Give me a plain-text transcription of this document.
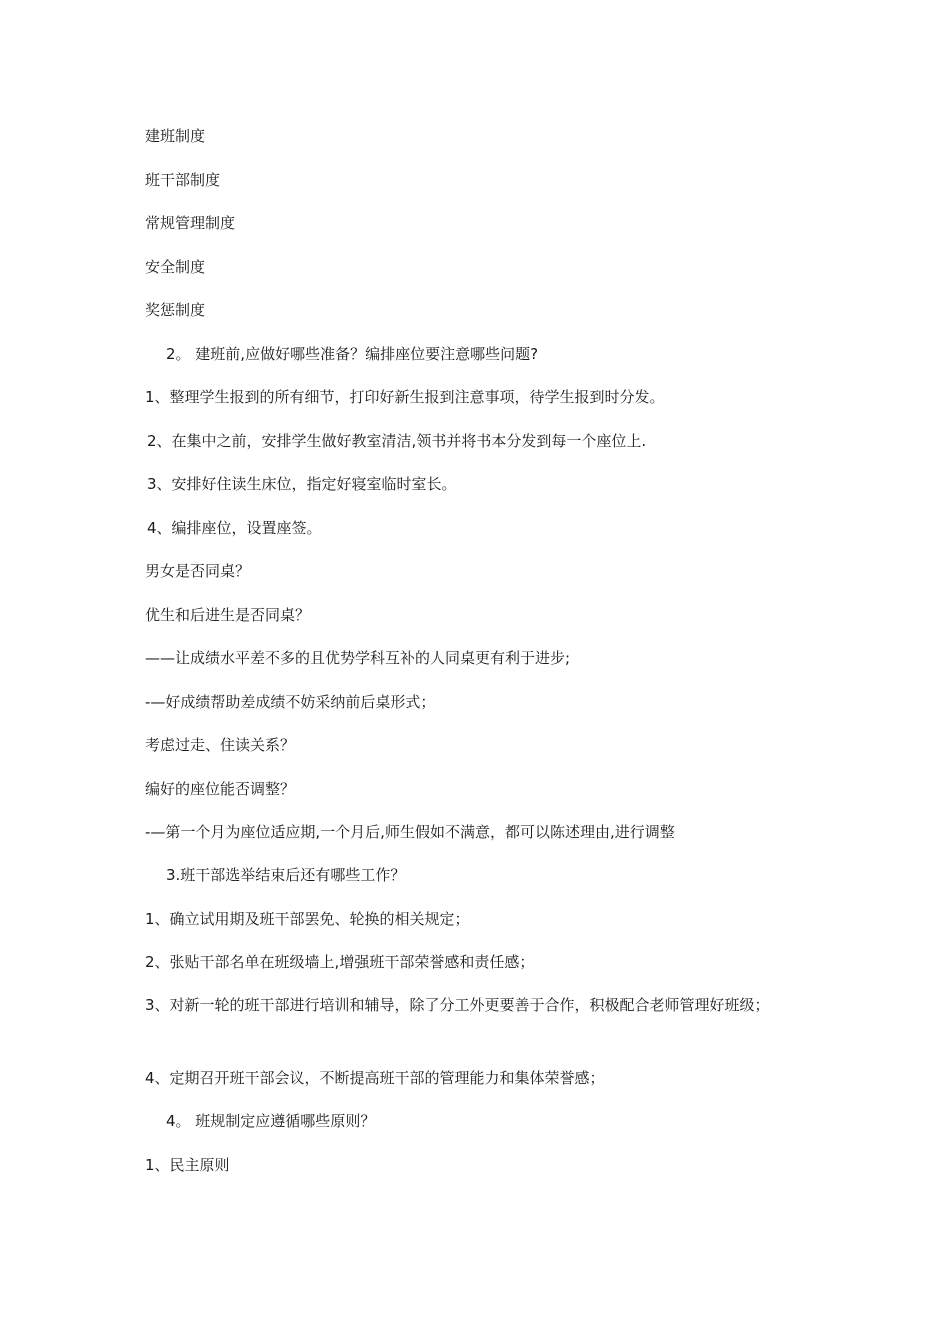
建班制度
班干部制度
常规管理制度
安全制度
奖惩制度
2。 建班前,应做好哪些准备？编排座位要注意哪些问题?
1、整理学生报到的所有细节，打印好新生报到注意事项，待学生报到时分发。
2、在集中之前，安排学生做好教室清洁,领书并将书本分发到每一个座位上.
3、安排好住读生床位，指定好寝室临时室长。
4、编排座位，设置座签。
男女是否同桌？
优生和后进生是否同桌？
——让成绩水平差不多的且优势学科互补的人同桌更有利于进步;
-—好成绩帮助差成绩不妨采纳前后桌形式；
考虑过走、住读关系？
编好的座位能否调整？
-—第一个月为座位适应期,一个月后,师生假如不满意，都可以陈述理由,进行调整
3.班干部选举结束后还有哪些工作？
1、确立试用期及班干部罢免、轮换的相关规定；
2、张贴干部名单在班级墙上,增强班干部荣誉感和责任感；
3、对新一轮的班干部进行培训和辅导，除了分工外更要善于合作，积极配合老师管理好班级；
4、定期召开班干部会议，不断提高班干部的管理能力和集体荣誉感；
4。 班规制定应遵循哪些原则？
1、民主原则
